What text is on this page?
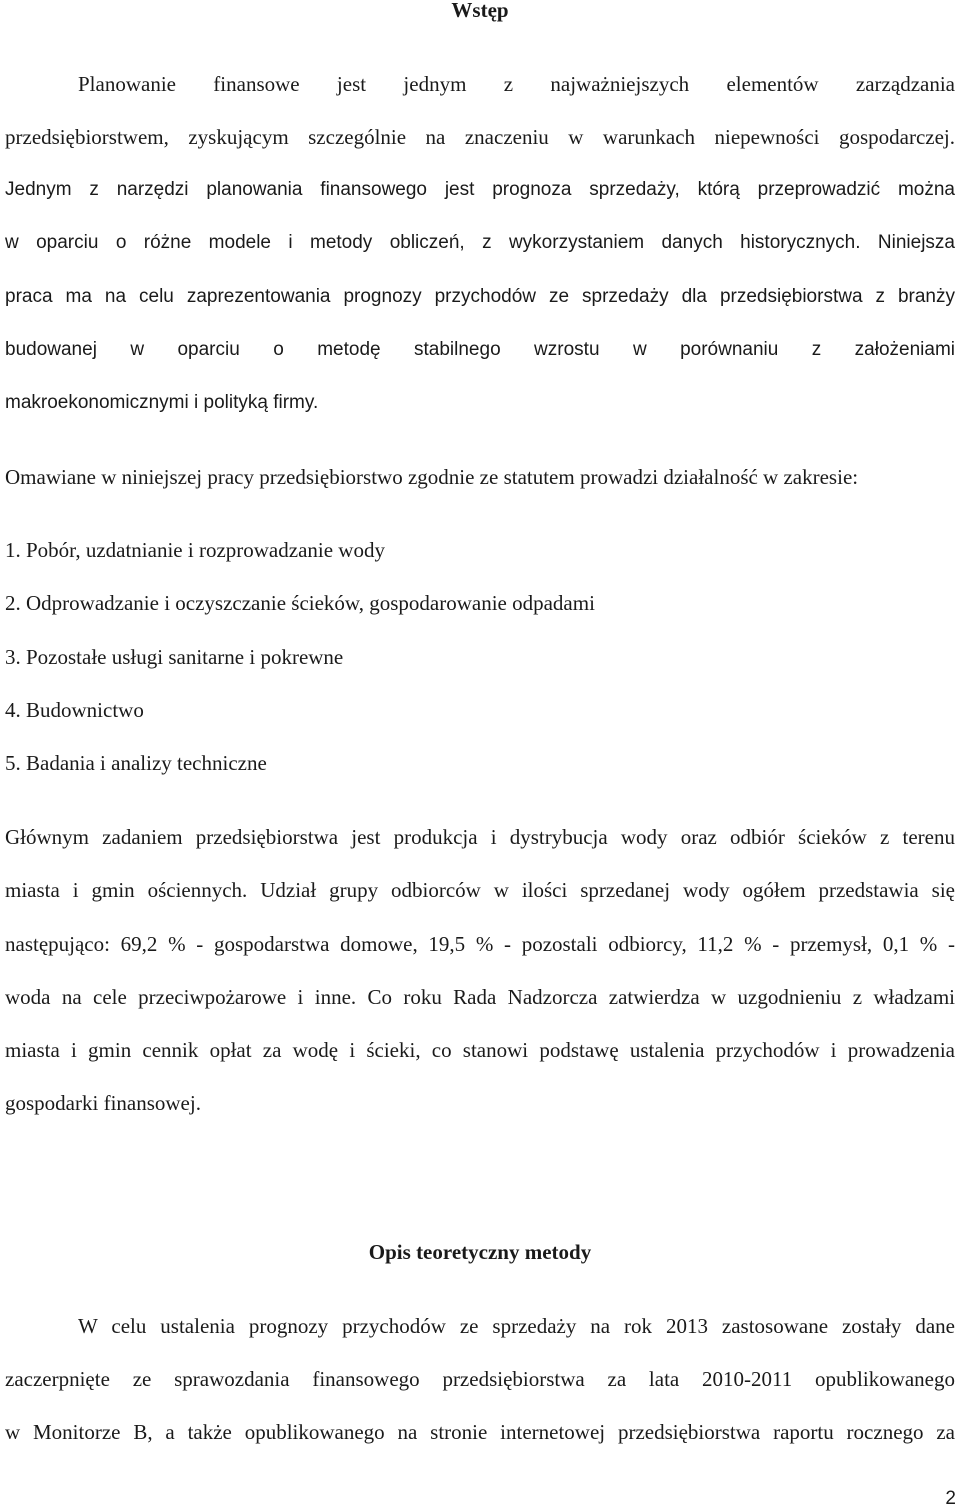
Wstęp
Planowanie finansowe jest jednym z najważniejszych elementów zarządzania
przedsiębiorstwem, zyskującym szczególnie na znaczeniu w warunkach niepewności gospodarczej.
Jednym z narzędzi planowania finansowego jest prognoza sprzedaży, którą przeprowadzić można
w oparciu o różne modele i metody obliczeń, z wykorzystaniem danych historycznych. Niniejsza
praca ma na celu zaprezentowania prognozy przychodów ze sprzedaży dla przedsiębiorstwa z branży
budowanej w oparciu o metodę stabilnego wzrostu w porównaniu z założeniami
makroekonomicznymi i polityką firmy.
Omawiane w niniejszej pracy przedsiębiorstwo zgodnie ze statutem prowadzi działalność w zakresie:
1. Pobór, uzdatnianie i rozprowadzanie wody
2. Odprowadzanie i oczyszczanie ścieków, gospodarowanie odpadami
3. Pozostałe usługi sanitarne i pokrewne
4. Budownictwo
5. Badania i analizy techniczne
Głównym zadaniem przedsiębiorstwa jest produkcja i dystrybucja wody oraz odbiór ścieków z terenu
miasta i gmin ościennych. Udział grupy odbiorców w ilości sprzedanej wody ogółem przedstawia się
następująco: 69,2 % - gospodarstwa domowe, 19,5 % - pozostali odbiorcy, 11,2 % - przemysł, 0,1 % -
woda na cele przeciwpożarowe i inne. Co roku Rada Nadzorcza zatwierdza w uzgodnieniu z władzami
miasta i gmin cennik opłat za wodę i ścieki, co stanowi podstawę ustalenia przychodów i prowadzenia
gospodarki finansowej.
Opis teoretyczny metody
W celu ustalenia prognozy przychodów ze sprzedaży na rok 2013 zastosowane zostały dane
zaczerpnięte ze sprawozdania finansowego przedsiębiorstwa za lata 2010-2011 opublikowanego
w Monitorze B, a także opublikowanego na stronie internetowej przedsiębiorstwa raportu rocznego za
2
